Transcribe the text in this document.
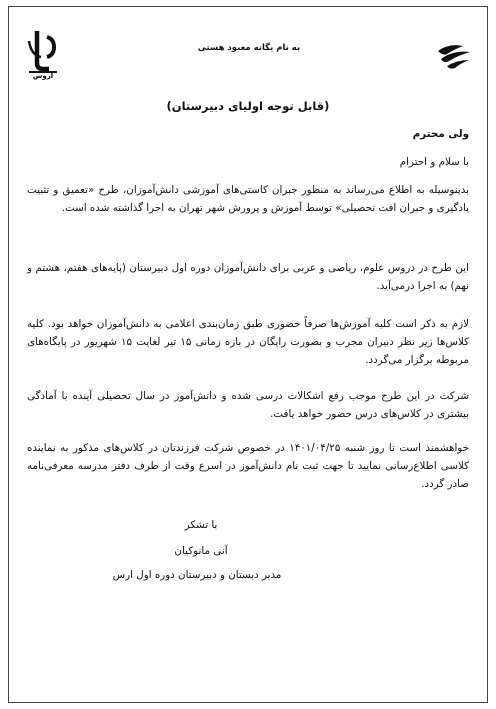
اروس
به نام یگانه معبود هستی
(قابل توجه اولیای دبیرستان)
ولی محترم
با سلام و احترام
بدینوسیله به اطلاع می‌رساند به منظور جبران کاستی‌های آموزشی دانش‌آموزان، طرح «تعمیق و تثبیت یادگیری و جبران افت تحصیلی» توسط آموزش و پرورش شهر تهران به اجرا گذاشته شده است.
این طرح در دروس علوم، ریاضی و عربی برای دانش‌آموزان دوره اول دبیرستان (پایه‌های هفتم، هشتم و نهم) به اجرا درمی‌آید.
لازم به ذکر است کلیه آموزش‌ها صرفاً حضوری طبق زمان‌بندی اعلامی به دانش‌آموزان خواهد بود. کلیه کلاس‌ها زیر نظر دبیران مجرب و بصورت رایگان در بازه زمانی ۱۵ تیر لغایت ۱۵ شهریور در پایگاه‌های مربوطه برگزار می‌گردد.
شرکت در این طرح موجب رفع اشکالات درسی شده و دانش‌آموز در سال تحصیلی آینده با آمادگی بیشتری در کلاس‌های درس حضور خواهد یافت.
خواهشمند است تا روز شنبه ۱۴۰۱/۰۴/۲۵ در خصوص شرکت فرزندتان در کلاس‌های مذکور به نماینده کلاسی اطلاع‌رسانی نمایید تا جهت ثبت نام دانش‌آموز در اسرع وقت از طرف دفتر مدرسه معرفی‌نامه صادر گردد.
با تشکر
آنی مانوکیان
مدیر دبستان و دبیرستان دوره اول ارس
